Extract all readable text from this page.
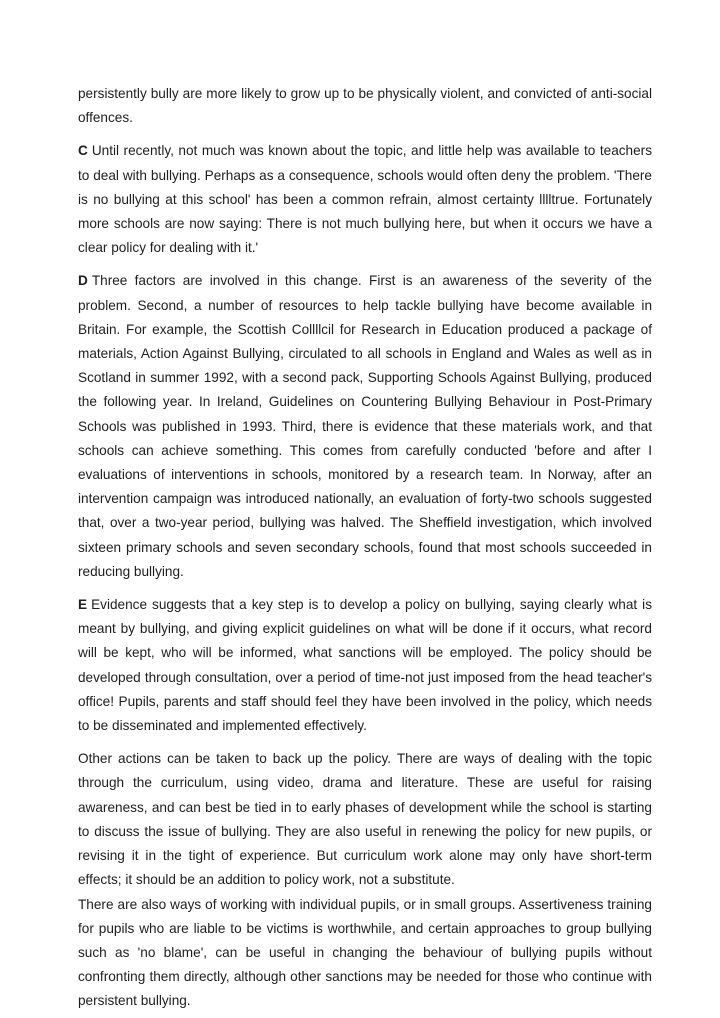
persistently bully are more likely to grow up to be physically violent, and convicted of anti-social offences.

C Until recently, not much was known about the topic, and little help was available to teachers to deal with bullying. Perhaps as a consequence, schools would often deny the problem. 'There is no bullying at this school' has been a common refrain, almost certainty lllltrue. Fortunately more schools are now saying: There is not much bullying here, but when it occurs we have a clear policy for dealing with it.'

D Three factors are involved in this change. First is an awareness of the severity of the problem. Second, a number of resources to help tackle bullying have become available in Britain. For example, the Scottish Collllcil for Research in Education produced a package of materials, Action Against Bullying, circulated to all schools in England and Wales as well as in Scotland in summer 1992, with a second pack, Supporting Schools Against Bullying, produced the following year. In Ireland, Guidelines on Countering Bullying Behaviour in Post-Primary Schools was published in 1993. Third, there is evidence that these materials work, and that schools can achieve something. This comes from carefully conducted 'before and after I evaluations of interventions in schools, monitored by a research team. In Norway, after an intervention campaign was introduced nationally, an evaluation of forty-two schools suggested that, over a two-year period, bullying was halved. The Sheffield investigation, which involved sixteen primary schools and seven secondary schools, found that most schools succeeded in reducing bullying.

E Evidence suggests that a key step is to develop a policy on bullying, saying clearly what is meant by bullying, and giving explicit guidelines on what will be done if it occurs, what record will be kept, who will be informed, what sanctions will be employed. The policy should be developed through consultation, over a period of time-not just imposed from the head teacher's office! Pupils, parents and staff should feel they have been involved in the policy, which needs to be disseminated and implemented effectively.

Other actions can be taken to back up the policy. There are ways of dealing with the topic through the curriculum, using video, drama and literature. These are useful for raising awareness, and can best be tied in to early phases of development while the school is starting to discuss the issue of bullying. They are also useful in renewing the policy for new pupils, or revising it in the tight of experience. But curriculum work alone may only have short-term effects; it should be an addition to policy work, not a substitute.

There are also ways of working with individual pupils, or in small groups. Assertiveness training for pupils who are liable to be victims is worthwhile, and certain approaches to group bullying such as 'no blame', can be useful in changing the behaviour of bullying pupils without confronting them directly, although other sanctions may be needed for those who continue with persistent bullying.
